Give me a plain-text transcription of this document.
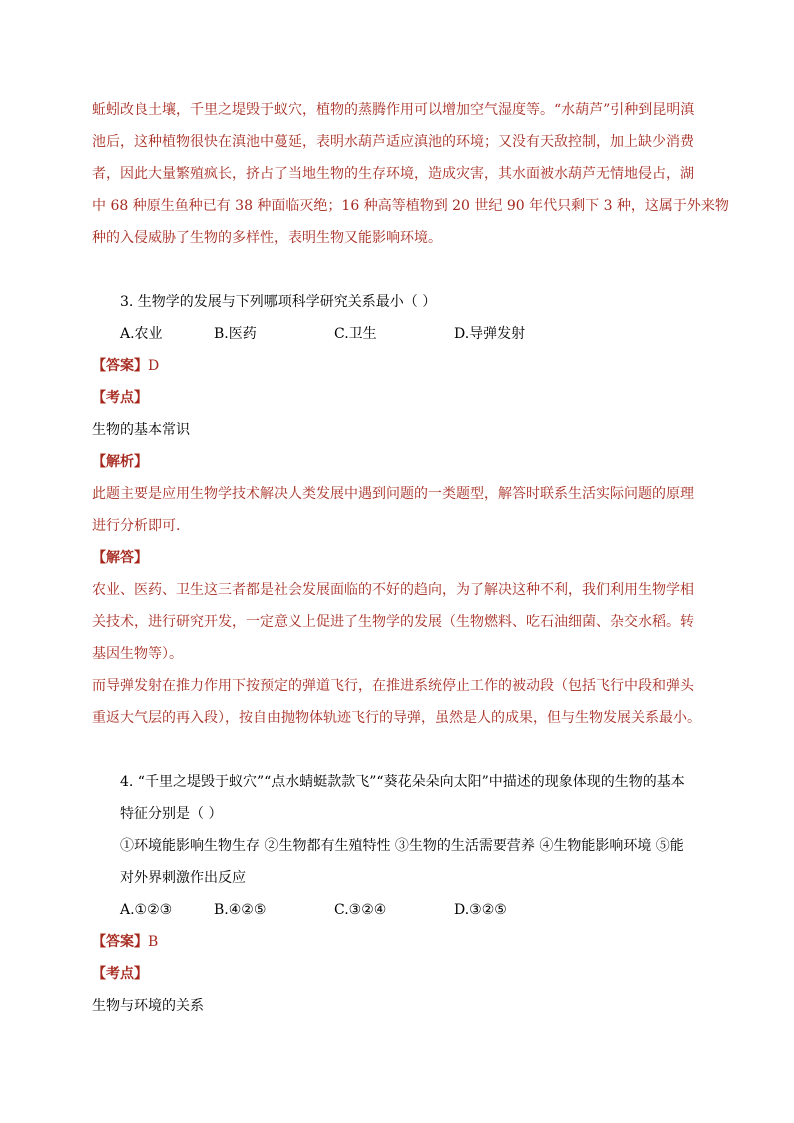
蚯蚓改良土壤，千里之堤毁于蚁穴，植物的蒸腾作用可以增加空气湿度等。“水葫芦”引种到昆明滇

池后，这种植物很快在滇池中蔓延，表明水葫芦适应滇池的环境；又没有天敌控制，加上缺少消费

者，因此大量繁殖疯长，挤占了当地生物的生存环境，造成灾害，其水面被水葫芦无情地侵占，湖

中 68 种原生鱼种已有 38 种面临灭绝；16 种高等植物到 20 世纪 90 年代只剩下 3 种，这属于外来物

种的入侵威胁了生物的多样性，表明生物又能影响环境。

3. 生物学的发展与下列哪项科学研究关系最小（ ）

A.农业	B.医药	C.卫生	D.导弹发射

【答案】D

【考点】

生物的基本常识

【解析】

此题主要是应用生物学技术解决人类发展中遇到问题的一类题型，解答时联系生活实际问题的原理

进行分析即可.

【解答】

农业、医药、卫生这三者都是社会发展面临的不好的趋向，为了解决这种不利，我们利用生物学相

关技术，进行研究开发，一定意义上促进了生物学的发展（生物燃料、吃石油细菌、杂交水稻。转

基因生物等）。

而导弹发射在推力作用下按预定的弹道飞行，在推进系统停止工作的被动段（包括飞行中段和弹头

重返大气层的再入段），按自由抛物体轨迹飞行的导弹，虽然是人的成果，但与生物发展关系最小。

4. “千里之堤毁于蚁穴”“点水蜻蜓款款飞”“葵花朵朵向太阳”中描述的现象体现的生物的基本

特征分别是（ ）

①环境能影响生物生存 ②生物都有生殖特性 ③生物的生活需要营养 ④生物能影响环境 ⑤能

对外界刺激作出反应

A.①②③	B.④②⑤	C.③②④	D.③②⑤

【答案】B

【考点】

生物与环境的关系
